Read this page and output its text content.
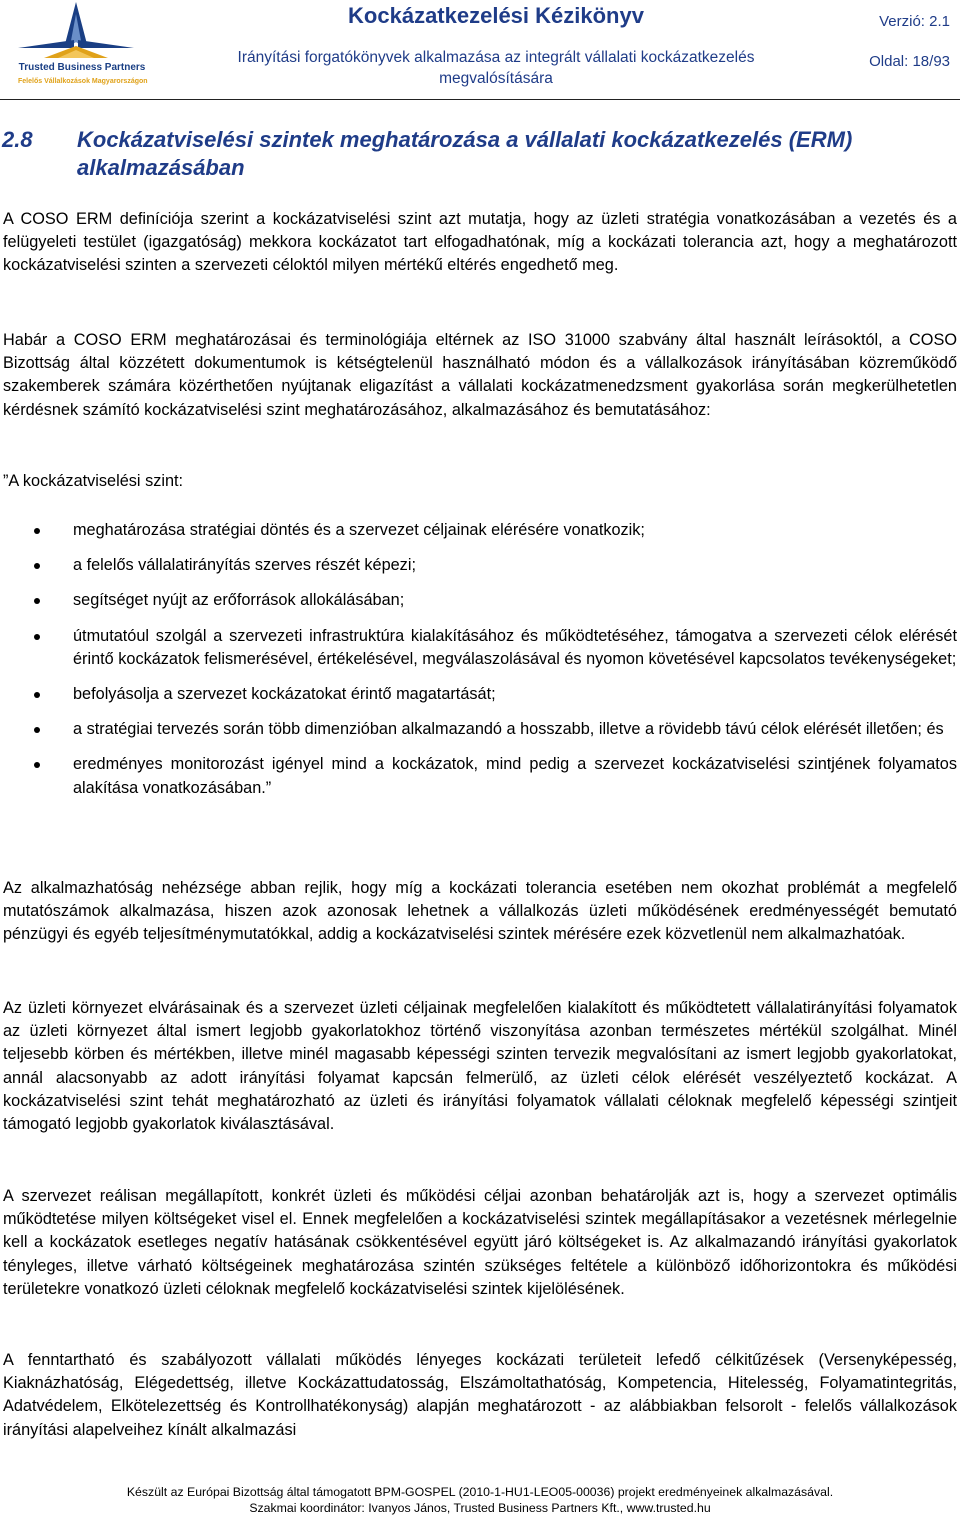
Trusted Business Partners
Felelős Vállalkozások Magyarországon
Kockázatkezelési Kézikönyv
Irányítási forgatókönyvek alkalmazása az integrált vállalati kockázatkezelés megvalósítására
Verzió: 2.1
Oldal: 18/93
2.8 Kockázatviselési szintek meghatározása a vállalati kockázatkezelés (ERM) alkalmazásában

A COSO ERM definíciója szerint a kockázatviselési szint azt mutatja, hogy az üzleti stratégia vonatkozásában a vezetés és a felügyeleti testület (igazgatóság) mekkora kockázatot tart elfogadhatónak, míg a kockázati tolerancia azt, hogy a meghatározott kockázatviselési szinten a szervezeti céloktól milyen mértékű eltérés engedhető meg.

Habár a COSO ERM meghatározásai és terminológiája eltérnek az ISO 31000 szabvány által használt leírásoktól, a COSO Bizottság által közzétett dokumentumok is kétségtelenül használható módon és a vállalkozások irányításában közreműködő szakemberek számára közérthetően nyújtanak eligazítást a vállalati kockázatmenedzsment gyakorlása során megkerülhetetlen kérdésnek számító kockázatviselési szint meghatározásához, alkalmazásához és bemutatásához:

”A kockázatviselési szint:

meghatározása stratégiai döntés és a szervezet céljainak elérésére vonatkozik;
a felelős vállalatirányítás szerves részét képezi;
segítséget nyújt az erőforrások allokálásában;
útmutatóul szolgál a szervezeti infrastruktúra kialakításához és működtetéséhez, támogatva a szervezeti célok elérését érintő kockázatok felismerésével, értékelésével, megválaszolásával és nyomon követésével kapcsolatos tevékenységeket;
befolyásolja a szervezet kockázatokat érintő magatartását;
a stratégiai tervezés során több dimenzióban alkalmazandó a hosszabb, illetve a rövidebb távú célok elérését illetően; és
eredményes monitorozást igényel mind a kockázatok, mind pedig a szervezet kockázatviselési szintjének folyamatos alakítása vonatkozásában.”

Az alkalmazhatóság nehézsége abban rejlik, hogy míg a kockázati tolerancia esetében nem okozhat problémát a megfelelő mutatószámok alkalmazása, hiszen azok azonosak lehetnek a vállalkozás üzleti működésének eredményességét bemutató pénzügyi és egyéb teljesítménymutatókkal, addig a kockázatviselési szintek mérésére ezek közvetlenül nem alkalmazhatóak.

Az üzleti környezet elvárásainak és a szervezet üzleti céljainak megfelelően kialakított és működtetett vállalatirányítási folyamatok az üzleti környezet által ismert legjobb gyakorlatokhoz történő viszonyítása azonban természetes mértékül szolgálhat. Minél teljesebb körben és mértékben, illetve minél magasabb képességi szinten tervezik megvalósítani az ismert legjobb gyakorlatokat, annál alacsonyabb az adott irányítási folyamat kapcsán felmerülő, az üzleti célok elérését veszélyeztető kockázat. A kockázatviselési szint tehát meghatározható az üzleti és irányítási folyamatok vállalati céloknak megfelelő képességi szintjeit támogató legjobb gyakorlatok kiválasztásával.

A szervezet reálisan megállapított, konkrét üzleti és működési céljai azonban behatárolják azt is, hogy a szervezet optimális működtetése milyen költségeket visel el. Ennek megfelelően a kockázatviselési szintek megállapításakor a vezetésnek mérlegelnie kell a kockázatok esetleges negatív hatásának csökkentésével együtt járó költségeket is. Az alkalmazandó irányítási gyakorlatok tényleges, illetve várható költségeinek meghatározása szintén szükséges feltétele a különböző időhorizontokra és működési területekre vonatkozó üzleti céloknak megfelelő kockázatviselési szintek kijelölésének.

A fenntartható és szabályozott vállalati működés lényeges kockázati területeit lefedő célkitűzések (Versenyképesség, Kiaknázhatóság, Elégedettség, illetve Kockázattudatosság, Elszámoltathatóság, Kompetencia, Hitelesség, Folyamatintegritás, Adatvédelem, Elkötelezettség és Kontrollhatékonyság) alapján meghatározott - az alábbiakban felsorolt - felelős vállalkozások irányítási alapelveihez kínált alkalmazási

Készült az Európai Bizottság által támogatott BPM-GOSPEL (2010-1-HU1-LEO05-00036) projekt eredményeinek alkalmazásával.
Szakmai koordinátor: Ivanyos János, Trusted Business Partners Kft., www.trusted.hu
